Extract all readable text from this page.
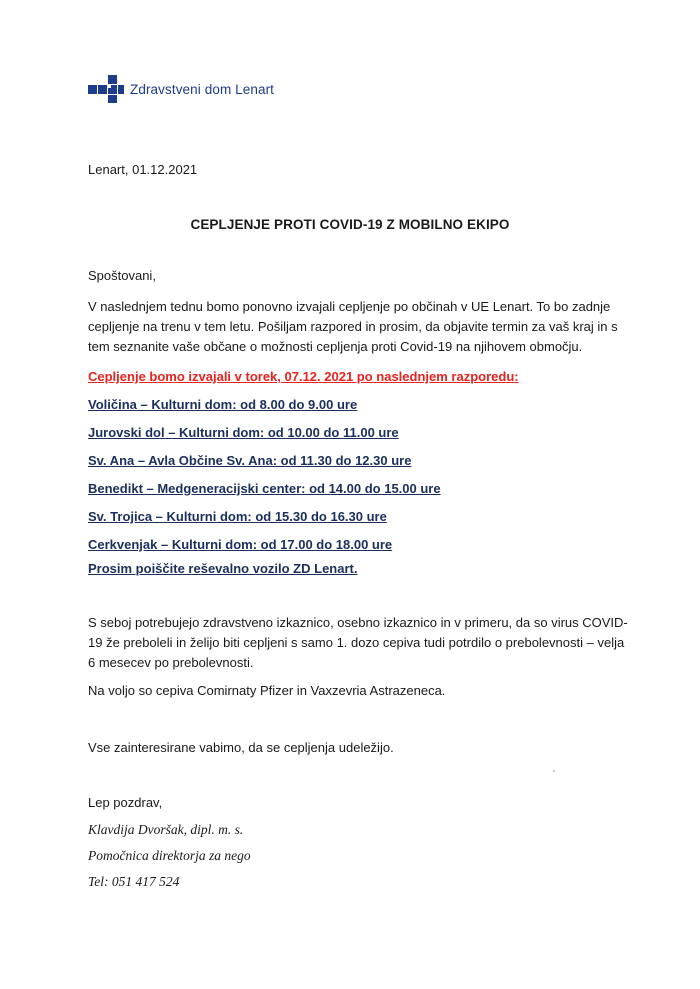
Zdravstveni dom Lenart
Lenart, 01.12.2021
CEPLJENJE PROTI COVID-19 Z MOBILNO EKIPO
Spoštovani,

V naslednjem tednu bomo ponovno izvajali cepljenje po občinah v UE Lenart. To bo zadnje cepljenje na trenu v tem letu. Pošiljam razpored in prosim, da objavite termin za vaš kraj in s tem seznanite vaše občane o možnosti cepljenja proti Covid-19 na njihovem območju.

Cepljenje bomo izvajali v torek, 07.12. 2021 po naslednjem razporedu:
Voličina – Kulturni dom: od 8.00 do 9.00 ure
Jurovski dol – Kulturni dom: od 10.00 do 11.00 ure
Sv. Ana – Avla Občine Sv. Ana: od 11.30 do 12.30 ure
Benedikt – Medgeneracijski center: od 14.00 do 15.00 ure
Sv. Trojica – Kulturni dom: od 15.30 do 16.30 ure
Cerkvenjak – Kulturni dom: od 17.00 do 18.00 ure
Prosim poiščite reševalno vozilo ZD Lenart.

S seboj potrebujejo zdravstveno izkaznico, osebno izkaznico in v primeru, da so virus COVID-19 že preboleli in želijo biti cepljeni s samo 1. dozo cepiva tudi potrdilo o prebolevnosti – velja 6 mesecev po prebolevnosti.

Na voljo so cepiva Comirnaty Pfizer in Vaxzevria Astrazeneca.

Vse zainteresirane vabimo, da se cepljenja udeležijo.

Lep pozdrav,
Klavdija Dvoršak, dipl. m. s.
Pomočnica direktorja za nego
Tel: 051 417 524
